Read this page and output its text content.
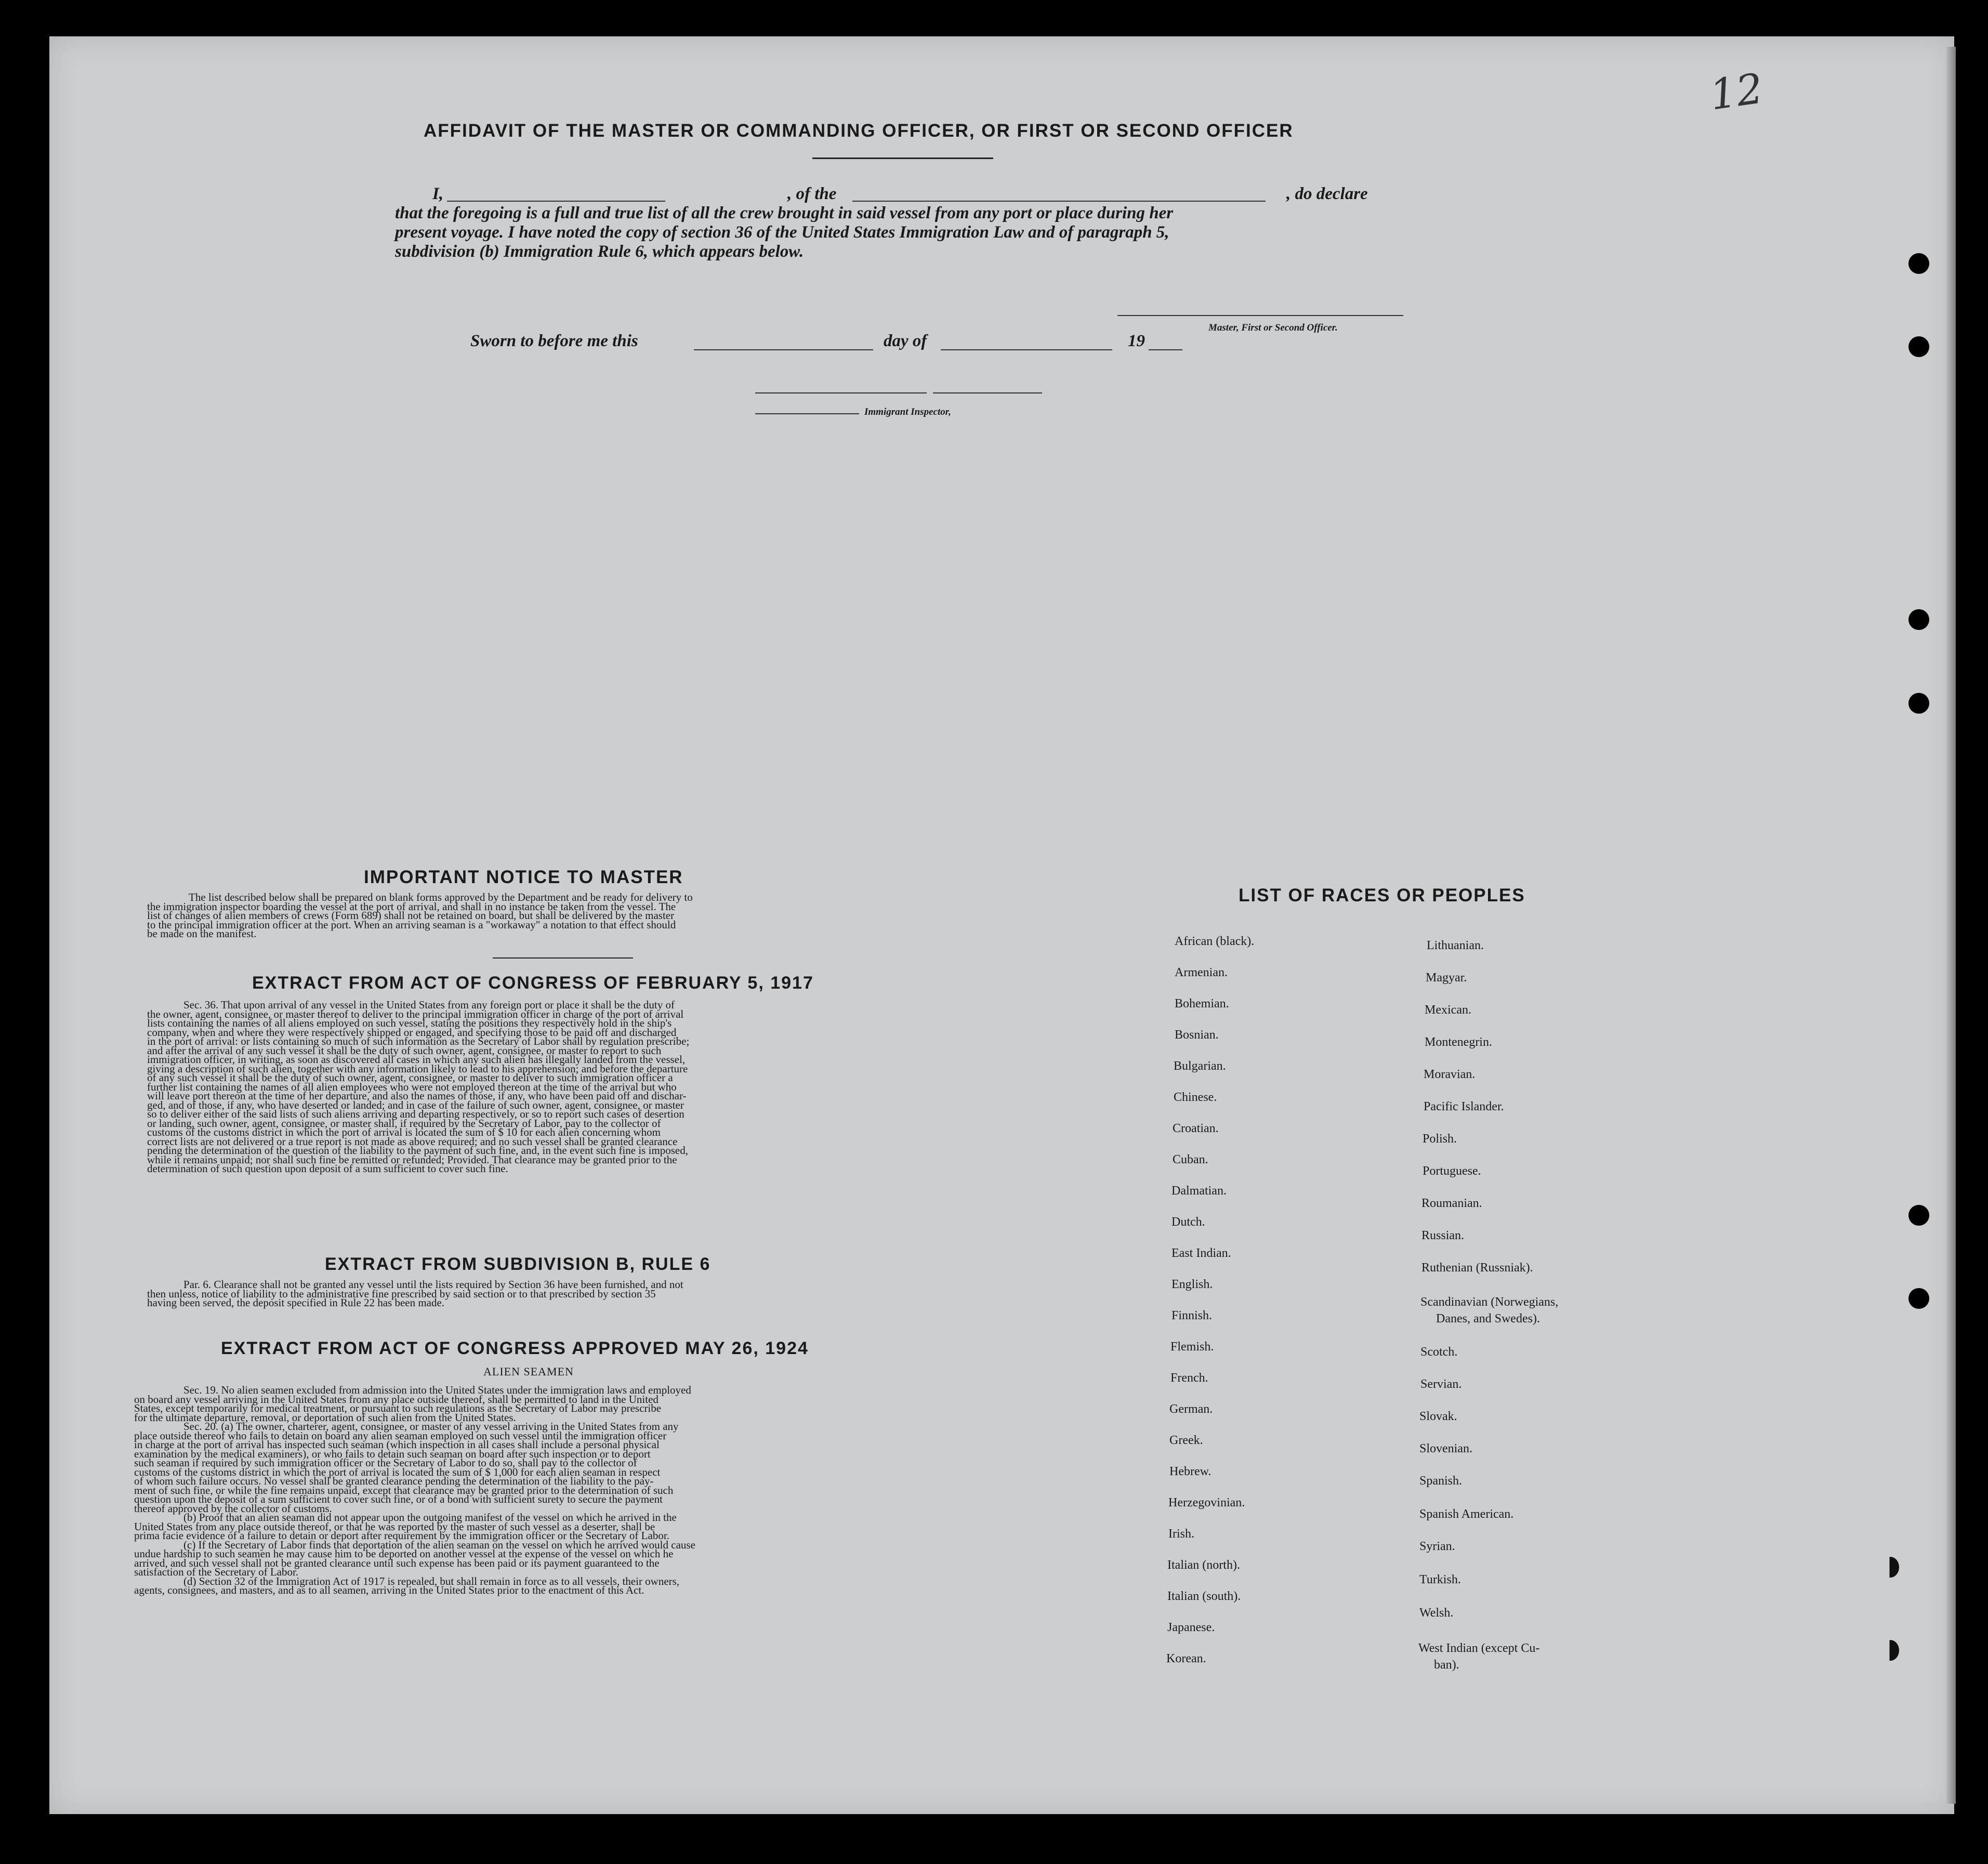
12
AFFIDAVIT OF THE MASTER OR COMMANDING OFFICER, OR FIRST OR SECOND OFFICER
I,	, of the	, do declare
that the foregoing is a full and true list of all the crew brought in said vessel from any port or place during her
present voyage. I have noted the copy of section 36 of the United States Immigration Law and of paragraph 5,
subdivision (b) Immigration Rule 6, which appears below.
Master, First or Second Officer.
Sworn to before me this	day of	19
Immigrant Inspector,
IMPORTANT NOTICE TO MASTER

The list described below shall be prepared on blank forms approved by the Department and be ready for delivery to

the immigration inspector boarding the vessel at the port of arrival, and shall in no instance be taken from the vessel. The

list of changes of alien members of crews (Form 689) shall not be retained on board, but shall be delivered by the master

to the principal immigration officer at the port. When an arriving seaman is a "workaway" a notation to that effect should

be made on the manifest.

EXTRACT FROM ACT OF CONGRESS OF FEBRUARY 5, 1917

Sec. 36. That upon arrival of any vessel in the United States from any foreign port or place it shall be the duty of

the owner, agent, consignee, or master thereof to deliver to the principal immigration officer in charge of the port of arrival

lists containing the names of all aliens employed on such vessel, stating the positions they respectively hold in the ship's

company, when and where they were respectively shipped or engaged, and specifying those to be paid off and discharged

in the port of arrival: or lists containing so much of such information as the Secretary of Labor shall by regulation prescribe;

and after the arrival of any such vessel it shall be the duty of such owner, agent, consignee, or master to report to such

immigration officer, in writing, as soon as discovered all cases in which any such alien has illegally landed from the vessel,

giving a description of such alien, together with any information likely to lead to his apprehension; and before the departure

of any such vessel it shall be the duty of such owner, agent, consignee, or master to deliver to such immigration officer a

further list containing the names of all alien employees who were not employed thereon at the time of the arrival but who

will leave port thereon at the time of her departure, and also the names of those, if any, who have been paid off and dischar-

ged, and of those, if any, who have deserted or landed; and in case of the failure of such owner, agent, consignee, or master

so to deliver either of the said lists of such aliens arriving and departing respectively, or so to report such cases of desertion

or landing, such owner, agent, consignee, or master shall, if required by the Secretary of Labor, pay to the collector of

customs of the customs district in which the port of arrival is located the sum of $ 10 for each alien concerning whom

correct lists are not delivered or a true report is not made as above required; and no such vessel shall be granted clearance

pending the determination of the question of the liability to the payment of such fine, and, in the event such fine is imposed,

while it remains unpaid; nor shall such fine be remitted or refunded; Provided. That clearance may be granted prior to the

determination of such question upon deposit of a sum sufficient to cover such fine.

EXTRACT FROM SUBDIVISION B, RULE 6

Par. 6. Clearance shall not be granted any vessel until the lists required by Section 36 have been furnished, and not

then unless, notice of liability to the administrative fine prescribed by said section or to that prescribed by section 35

having been served, the deposit specified in Rule 22 has been made.

EXTRACT FROM ACT OF CONGRESS APPROVED MAY 26, 1924
ALIEN SEAMEN

Sec. 19. No alien seamen excluded from admission into the United States under the immigration laws and employed

on board any vessel arriving in the United States from any place outside thereof, shall be permitted to land in the United

States, except temporarily for medical treatment, or pursuant to such regulations as the Secretary of Labor may prescribe

for the ultimate departure, removal, or deportation of such alien from the United States.

Sec. 20. (a) The owner, charterer, agent, consignee, or master of any vessel arriving in the United States from any

place outside thereof who fails to detain on board any alien seaman employed on such vessel until the immigration officer

in charge at the port of arrival has inspected such seaman (which inspection in all cases shall include a personal physical

examination by the medical examiners), or who fails to detain such seaman on board after such inspection or to deport

such seaman if required by such immigration officer or the Secretary of Labor to do so, shall pay to the collector of

customs of the customs district in which the port of arrival is located the sum of $ 1,000 for each alien seaman in respect

of whom such failure occurs. No vessel shall be granted clearance pending the determination of the liability to the pay-

ment of such fine, or while the fine remains unpaid, except that clearance may be granted prior to the determination of such

question upon the deposit of a sum sufficient to cover such fine, or of a bond with sufficient surety to secure the payment

thereof approved by the collector of customs.

(b) Proof that an alien seaman did not appear upon the outgoing manifest of the vessel on which he arrived in the

United States from any place outside thereof, or that he was reported by the master of such vessel as a deserter, shall be

prima facie evidence of a failure to detain or deport after requirement by the immigration officer or the Secretary of Labor.

(c) If the Secretary of Labor finds that deportation of the alien seaman on the vessel on which he arrived would cause

undue hardship to such seamen he may cause him to be deported on another vessel at the expense of the vessel on which he

arrived, and such vessel shall not be granted clearance until such expense has been paid or its payment guaranteed to the

satisfaction of the Secretary of Labor.

(d) Section 32 of the Immigration Act of 1917 is repealed, but shall remain in force as to all vessels, their owners,

agents, consignees, and masters, and as to all seamen, arriving in the United States prior to the enactment of this Act.

LIST OF RACES OR PEOPLES
African (black).
Armenian.
Bohemian.
Bosnian.
Bulgarian.
Chinese.
Croatian.
Cuban.
Dalmatian.
Dutch.
East Indian.
English.
Finnish.
Flemish.
French.
German.
Greek.
Hebrew.
Herzegovinian.
Irish.
Italian (north).
Italian (south).
Japanese.
Korean.
Lithuanian.
Magyar.
Mexican.
Montenegrin.
Moravian.
Pacific Islander.
Polish.
Portuguese.
Roumanian.
Russian.
Ruthenian (Russniak).
Scandinavian (Norwegians,
Danes, and Swedes).
Scotch.
Servian.
Slovak.
Slovenian.
Spanish.
Spanish American.
Syrian.
Turkish.
Welsh.
West Indian (except Cu-
ban).
